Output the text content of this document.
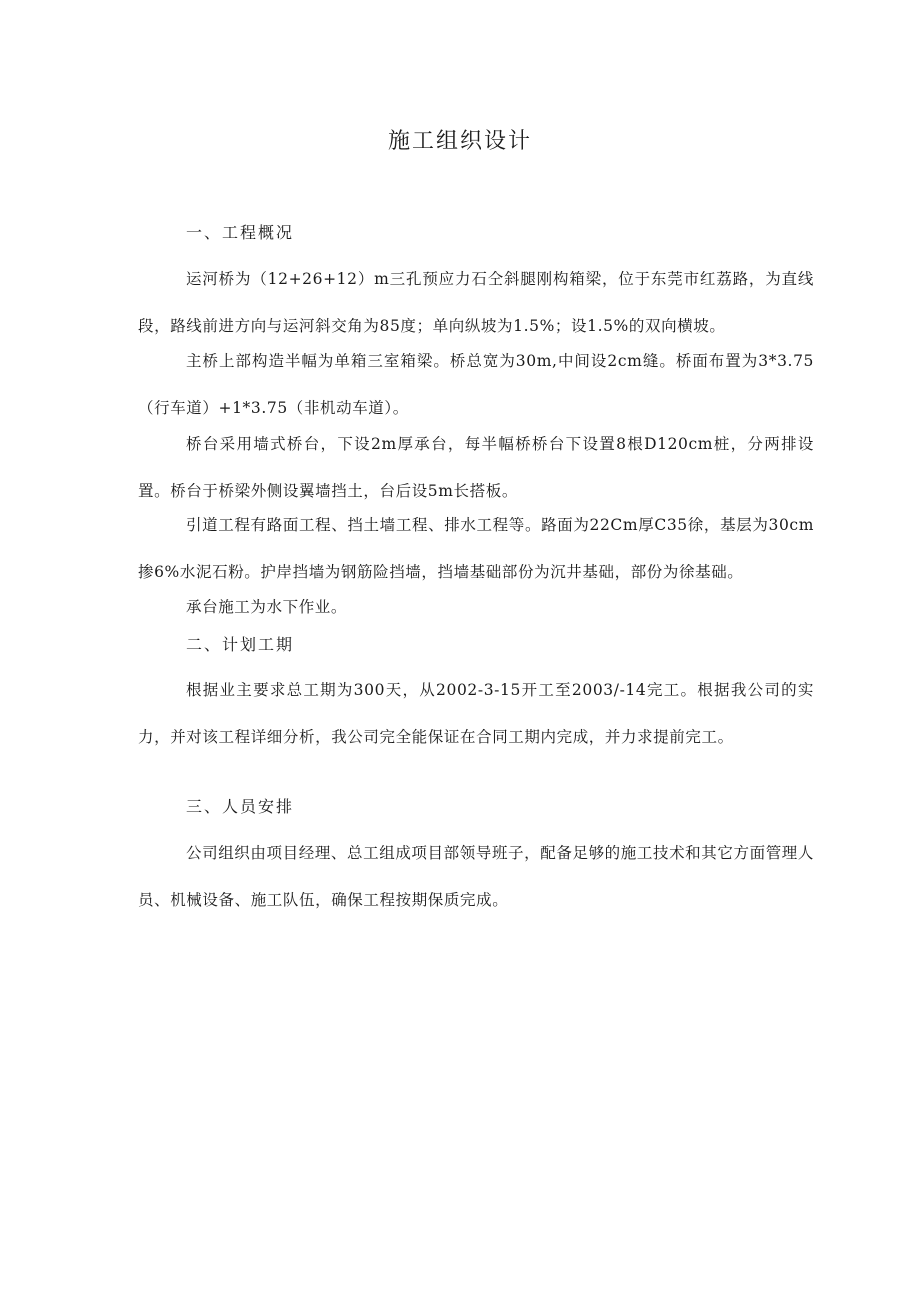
施工组织设计
一、工程概况
运河桥为（12+26+12）m三孔预应力石仝斜腿刚构箱梁，位于东莞市红荔路，为直线段，路线前进方向与运河斜交角为85度；单向纵坡为1.5%；设1.5%的双向横坡。
主桥上部构造半幅为单箱三室箱梁。桥总宽为30m,中间设2cm缝。桥面布置为3*3.75（行车道）+1*3.75（非机动车道）。
桥台采用墙式桥台，下设2m厚承台，每半幅桥桥台下设置8根D120cm桩，分两排设置。桥台于桥梁外侧设翼墙挡土，台后设5m长搭板。
引道工程有路面工程、挡土墙工程、排水工程等。路面为22Cm厚C35徐，基层为30cm掺6%水泥石粉。护岸挡墙为钢筋险挡墙，挡墙基础部份为沉井基础，部份为徐基础。
承台施工为水下作业。
二、计划工期
根据业主要求总工期为300天，从2002-3-15开工至2003/-14完工。根据我公司的实力，并对该工程详细分析，我公司完全能保证在合同工期内完成，并力求提前完工。
三、人员安排
公司组织由项目经理、总工组成项目部领导班子，配备足够的施工技术和其它方面管理人员、机械设备、施工队伍，确保工程按期保质完成。
